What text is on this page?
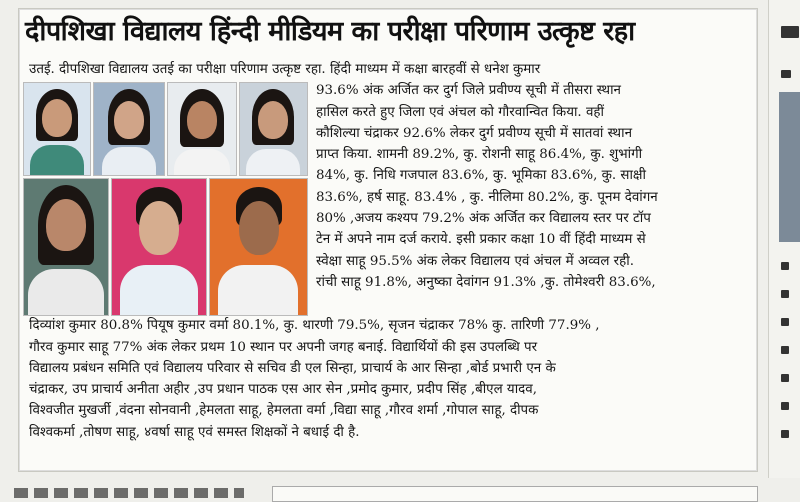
दीपशिखा विद्यालय हिंन्दी मीडियम का परीक्षा परिणाम उत्कृष्ट रहा
उतई. दीपशिखा विद्यालय उतई का परीक्षा परिणाम उत्कृष्ट रहा. हिंदी माध्यम में कक्षा बारहवीं से धनेश कुमार
93.6% अंक अर्जित कर दुर्ग जिले प्रवीण्य सूची में तीसरा स्थान
हासिल करते हुए जिला एवं अंचल को गौरवान्वित किया. वहीं
कौशिल्या चंद्राकर 92.6% लेकर दुर्ग प्रवीण्य सूची में सातवां स्थान
प्राप्त किया. शामनी 89.2%, कु. रोशनी साहू 86.4%, कु. शुभांगी
84%, कु. निधि गजपाल 83.6%, कु. भूमिका 83.6%, कु. साक्षी
83.6%, हर्ष साहू. 83.4% , कु. नीलिमा 80.2%, कु. पूनम देवांगन
80% ,अजय कश्यप 79.2% अंक अर्जित कर विद्यालय स्तर पर टॉप
टेन में अपने नाम दर्ज कराये. इसी प्रकार कक्षा 10 वीं हिंदी माध्यम से
स्वेक्षा साहू 95.5% अंक लेकर विद्यालय एवं अंचल में अव्वल रही.
रांची साहू 91.8%, अनुष्का देवांगन 91.3% ,कु. तोमेश्वरी 83.6%,
दिव्यांश कुमार 80.8% पियूष कुमार वर्मा 80.1%, कु. थारणी 79.5%, सृजन चंद्राकर 78% कु. तारिणी 77.9% ,
गौरव कुमार साहू 77% अंक लेकर प्रथम 10 स्थान पर अपनी जगह बनाई. विद्यार्थियों की इस उपलब्धि पर
विद्यालय प्रबंधन समिति एवं विद्यालय परिवार से सचिव डी एल सिन्हा, प्राचार्य के आर सिन्हा ,बोर्ड प्रभारी एन के
चंद्राकर, उप प्राचार्य अनीता अहीर ,उप प्रधान पाठक एस आर सेन ,प्रमोद कुमार, प्रदीप सिंह ,बीएल यादव,
विश्वजीत मुखर्जी ,वंदना सोनवानी ,हेमलता साहू, हेमलता वर्मा ,विद्या साहू ,गौरव शर्मा ,गोपाल साहू, दीपक
विश्वकर्मा ,तोषण साहू, ४वर्षा साहू एवं समस्त शिक्षकों ने बधाई दी है.
